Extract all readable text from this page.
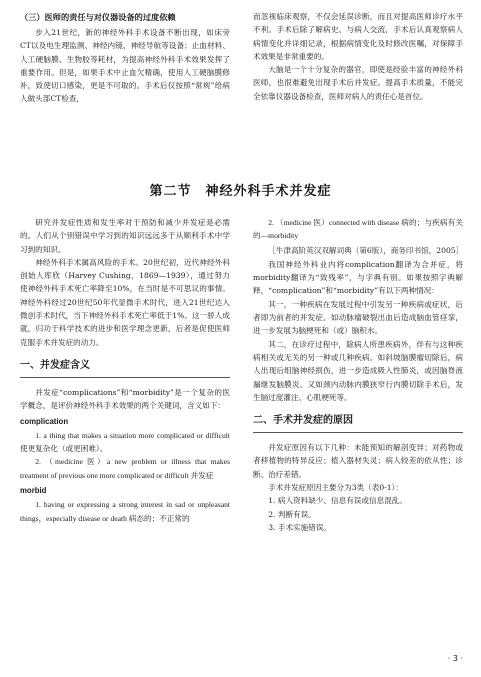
（三）医师的责任与对仪器设备的过度依赖

步入21世纪，新的神经外科手术设备不断出现，如床旁CT以及电生理监测、神经内镜、神经导航等设备；止血材料、人工硬脑膜、生物胶等耗材，为提高神经外科手术效果发挥了重要作用。但是，如果手术中止血欠精确，使用人工硬脑膜修补，致使切口感染，更是不可取的。手术后仅按照“常规”给病人做头部CT检查，

而忽视临床观察，不仅会延误诊断，而且对提高医师诊疗水平不利。手术后除了解病史、与病人交流，手术后认真观察病人病情变化并详细记录，根据病情变化及时修改医嘱，对保障手术效果是非常重要的。

大脑是一个十分复杂的器官，即使是经验丰富的神经外科医师，也很难避免出现手术后并发症。提高手术质量，不能完全依靠仪器设备检查，医师对病人的责任心是首位。

第二节　神经外科手术并发症

研究并发症性质和发生率对于预防和减少并发症是必需的。人们从个别错误中学习到的知识远远多于从顺利手术中学习到的知识。

神经外科手术属高风险的手术。20世纪初，近代神经外科创始人库欣（Harvey Cushing，1869—1939），通过努力使神经外科手术死亡率降至10%，在当时是不可思议的事情。神经外科经过20世纪50年代显微手术时代，进入21世纪达入微创手术时代，当下神经外科手术死亡率低于1%。这一骄人成就，归功于科学技术的进步和医学理念更新，后者是促使医师克服手术并发症的动力。

一、并发症含义

并发症“complications”和“morbidity”是一个复杂的医学概念，是评价神经外科手术效果的两个关键词，含义如下：

complication

1. a thing that makes a situation more complicated or difficult 使更复杂化（或更困难）。

2. （medicine 医）a new problem or illness that makes treatment of previous one more complicated or difficult 并发症

morbid

1. having or expressing a strong interest in sad or unpleasant things，especially disease or death 病态的；不正常的

2. （medicine 医）connected with disease 病的；与疾病有关的—morbidity

［牛津高阶英汉双解词典（第6版），商务印书馆，2005］

我国神经外科业内将complication翻译为合并症，将morbidity翻译为“致残率”，与字典有别。如果按照字典解释，“complication”和“morbidity”有以下两种情况：

其一，一种疾病在发展过程中引发另一种疾病或症状，后者即为前者的并发症。如动脉瘤破裂出血后造成脑血管痉挛，进一步发展为脑梗死和（或）脑积水。

其二，在诊疗过程中，除病人所患疾病外，伴有与这种疾病相关或无关的另一种或几种疾病。如斜坡脑膜瘤切除后，病人出现后组脑神经损伤，进一步造成吸入性肺炎，或因脑脊液漏继发脑膜炎。又如颈内动脉内膜狭窄行内膜切除手术后，发生脑过度灌注、心肌梗死等。

二、手术并发症的原因

并发症原因有以下几种：未能预知的解剖变异；对药物或者移植物的特异反应；植入器材失灵；病人较差的依从性；诊断、治疗差错。

手术并发症原因主要分为3类（表0-1）：

1. 病人资料缺少、信息有误或信息混乱。
2. 判断有误。
3. 手术实施错误。
· 3 ·
